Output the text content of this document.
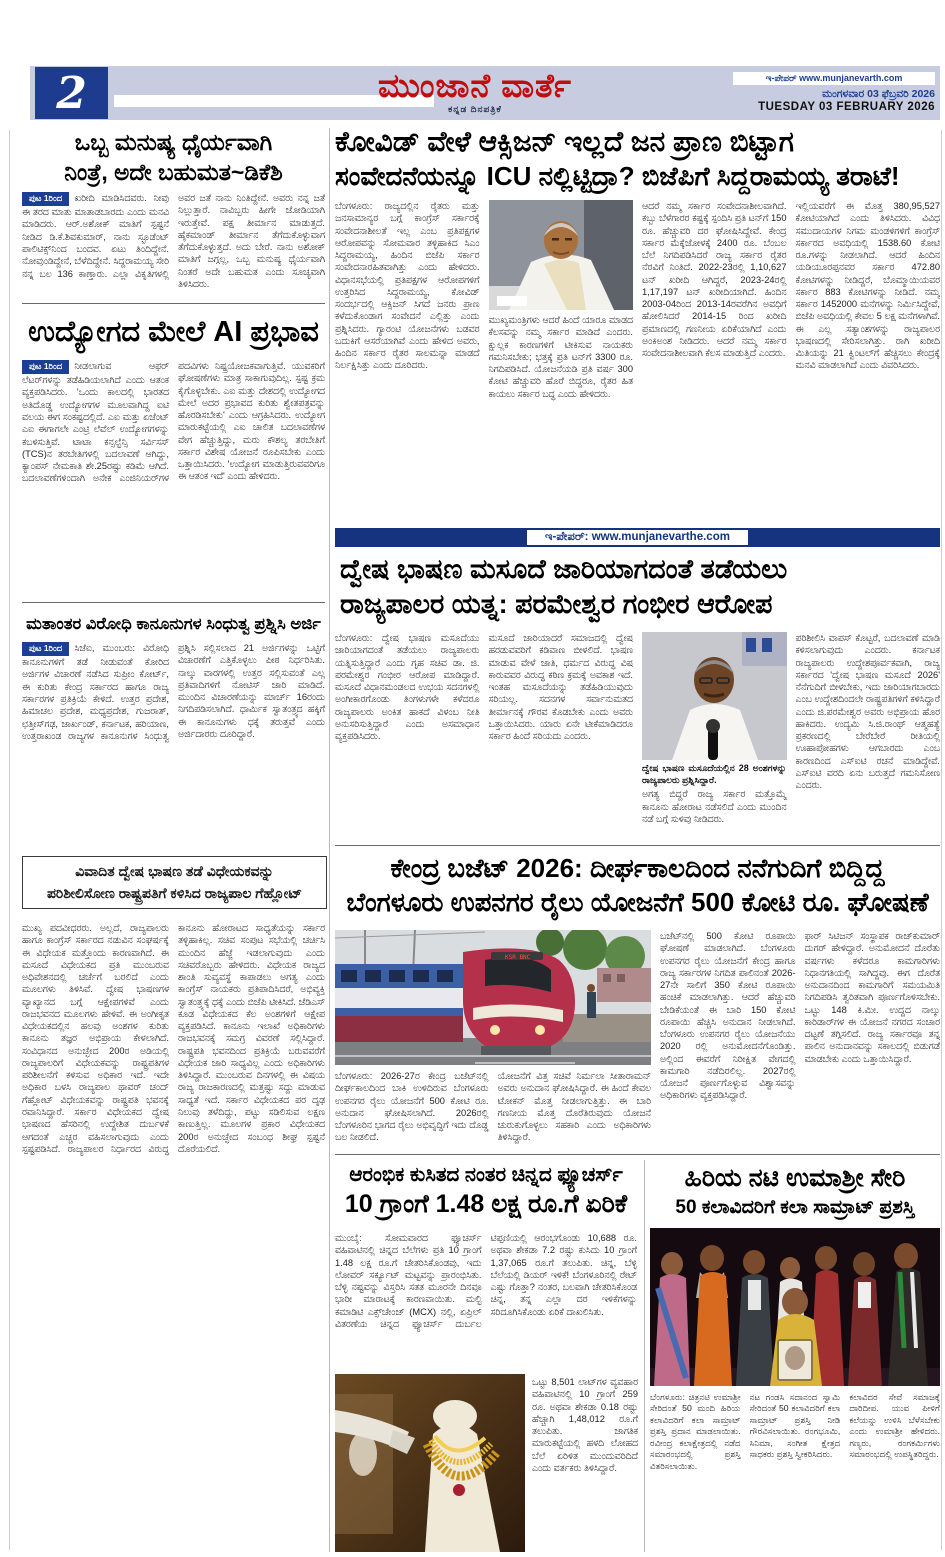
2	ಮುಂಜಾನೆ ವಾರ್ತೆ
ಕನ್ನಡ ದಿನಪತ್ರಿಕೆ
ಇ-ಪೇಪರ್ www.munjanevarth.com
ಮಂಗಳವಾರ 03 ಫೆಬ್ರವರಿ 2026
TUESDAY 03 FEBRUARY 2026
ಒಬ್ಬ ಮನುಷ್ಯ ಧೈರ್ಯವಾಗಿ
ನಿಂತ್ರೆ, ಅದೇ ಬಹುಮತ~ಡಿಕೆಶಿ
ಪುಟ 1ರಿಂದ ಖರೀದಿ ಮಾಡಿಸಿದವರು. ನೀವು ಈ ತರದ ಮಾತು ಮಾತಾಡಬಾರದು ಎಂದು ಮನವಿ ಮಾಡಿದರು. ಆರ್.ಅಶೋಕ್ ಮಾತಿಗೆ ಸ್ಪಷ್ಟನೆ ನೀಡಿದ ಡಿ.ಕೆ.ಶಿವಕುಮಾರ್, ನಾನು ಸ್ಟೂಡೆಂಟ್ ಪಾಲಿಟಿಕ್ಸ್‌ನಿಂದ ಬಂದವ. ಏಟು ತಿಂದಿದ್ದೇನೆ. ನೋವುಂಡಿದ್ದೇನೆ, ಬೆಳೆದಿದ್ದೇನೆ. ಸಿದ್ದರಾಮಯ್ಯ ಸೇರಿ ನನ್ನ ಬಲ 136 ಕಾಣ್ತಾರು. ಎಲ್ಲಾ ವಿಕೃತಿಗಳಲ್ಲಿ ಅವರ ಜತೆ ನಾನು ನಿಂತಿದ್ದೇನೆ. ಅವರು ನನ್ನ ಜತೆ ನಿಲ್ಲುತ್ತಾರೆ. ನಾವಿಬ್ಬರು ಹೀಗೇ ಜೋಡಿಯಾಗಿ ಇರುತ್ತೇವೆ. ಪಕ್ಷ ತೀರ್ಮಾನ ಮಾಡುತ್ತದೆ. ಹೈಕಮಾಂಡ್ ತೀರ್ಮಾನ ತೆಗೆದುಕೊಳ್ಳುವಾಗ ತೆಗೆದುಕೊಳ್ಳುತ್ತದೆ. ಅದು ಬೇರೆ. ನಾನು ಅಶೋಕ್ ಮಾತಿಗೆ ಜಗ್ಗಲ್ಲ, ಒಬ್ಬ ಮನುಷ್ಯ ಧೈರ್ಯವಾಗಿ ನಿಂತರೆ ಅದೇ ಬಹುಮತ ಎಂದು ಸೂಚ್ಯವಾಗಿ ತಿಳಿಸಿದರು.
ಉದ್ಯೋಗದ ಮೇಲೆ AI ಪ್ರಭಾವ
ಪುಟ 1ರಿಂದ ನೀಡಲಾಗುವ ಆಫರ್ ಲೆಟರ್‌ಗಳನ್ನು ತಡೆಹಿಡಿಯಲಾಗಿದೆ ಎಂದು ಆತಂಕ ವ್ಯಕ್ತಪಡಿಸಿದರು. 'ಒಂದು ಕಾಲದಲ್ಲಿ ಭಾರತದ ಅತಿದೊಡ್ಡ ಉದ್ಯೋಗಗಳ ಮೂಲವಾಗಿದ್ದ ಐಟಿ ವಲಯ ಈಗ ಸಂಕಷ್ಟದಲ್ಲಿದೆ. ಎಐ ಮತ್ತು ಏಜೆಂಟ್ ಎಐ ಈಗಾಗಲೇ ಎಂಟ್ರಿ ಲೆವೆಲ್ ಉದ್ಯೋಗಗಳನ್ನು ಕಬಳಿಸುತ್ತಿವೆ. ಟಾಟಾ ಕನ್ಸಲ್ಟೆನ್ಸಿ ಸರ್ವಿಸಸ್ (TCS)ನ ತರಬೇತಿಗಳಲ್ಲಿ ಬದಲಾವಣೆ ಆಗಿದ್ದು, ಕ್ಯಾಂಪಸ್ ನೇಮಕಾತಿ ಶೇ.25ರಷ್ಟು ಕಡಿಮೆ ಆಗಿದೆ. ಬದಲಾವಣೆಗಳಿಂದಾಗಿ ಅನೇಕ ಎಂಜಿನಿಯರ್‌ಗಳ ಪದವಿಗಳು ನಿಷ್ಪ್ರಯೋಜಕವಾಗುತ್ತಿವೆ. ಯುವಕರಿಗೆ ಘೋಷಣೆಗಳು ಮಾತ್ರ ಸಾಕಾಗುವುದಿಲ್ಲ. ಸ್ಪಷ್ಟ ಕ್ರಮ ಕೈಗೊಳ್ಳಬೇಕು. ಎಐ ಮತ್ತು ದೇಶದಲ್ಲಿ ಉದ್ಯೋಗದ ಮೇಲೆ ಅದರ ಪ್ರಭಾವದ ಕುರಿತು ಶ್ವೇತಪತ್ರವನ್ನು ಹೊರಡಿಸಬೇಕು' ಎಂದು ಆಗ್ರಹಿಸಿದರು. ಉದ್ಯೋಗ ಮಾರುಕಟ್ಟೆಯಲ್ಲಿ ಎಐ ಚಾಲಿತ ಬದಲಾವಣೆಗಳ ವೇಗ ಹೆಚ್ಚುತ್ತಿದ್ದು, ಮರು ಕೌಶಲ್ಯ ತರಬೇತಿಗೆ ಸರ್ಕಾರ ವಿಶೇಷ ಯೋಜನೆ ರೂಪಿಸಬೇಕು ಎಂದು ಒತ್ತಾಯಿಸಿದರು. 'ಉದ್ಯೋಗ ಮಾಡುತ್ತಿರುವವರಿಗೂ ಈ ಆತಂಕ ಇದೆ' ಎಂದು ಹೇಳಿದರು.
ಮತಾಂತರ ವಿರೋಧಿ ಕಾನೂನುಗಳ ಸಿಂಧುತ್ವ ಪ್ರಶ್ನಿಸಿ ಅರ್ಜಿ
ಪುಟ 1ರಿಂದ ಸಿಜೆಐ, ಮುಂಬರು: ವಿರೋಧಿ ಕಾನೂನುಗಳಿಗೆ ತಡೆ ನೀಡುವಂತೆ ಕೋರಿದ ಅರ್ಜಿಗಳ ವಿಚಾರಣೆ ನಡೆಸಿದ ಸುಪ್ರೀಂ ಕೋರ್ಟ್, ಈ ಕುರಿತು ಕೇಂದ್ರ ಸರ್ಕಾರದ ಹಾಗೂ ರಾಜ್ಯ ಸರ್ಕಾರಗಳ ಪ್ರತಿಕ್ರಿಯೆ ಕೇಳಿದೆ. ಉತ್ತರ ಪ್ರದೇಶ, ಹಿಮಾಚಲ ಪ್ರದೇಶ, ಮಧ್ಯಪ್ರದೇಶ, ಗುಜರಾತ್, ಛತ್ತೀಸ್‌ಗಢ, ಜಾರ್ಖಂಡ್, ಕರ್ನಾಟಕ, ಹರಿಯಾಣ, ಉತ್ತರಾಖಂಡ ರಾಜ್ಯಗಳ ಕಾನೂನುಗಳ ಸಿಂಧುತ್ವ ಪ್ರಶ್ನಿಸಿ ಸಲ್ಲಿಸಲಾದ 21 ಅರ್ಜಿಗಳನ್ನು ಒಟ್ಟಿಗೆ ವಿಚಾರಣೆಗೆ ಎತ್ತಿಕೊಳ್ಳಲು ಪೀಠ ನಿರ್ಧರಿಸಿತು. ನಾಲ್ಕು ವಾರಗಳಲ್ಲಿ ಉತ್ತರ ಸಲ್ಲಿಸುವಂತೆ ಎಲ್ಲ ಪ್ರತಿವಾದಿಗಳಿಗೆ ನೋಟಿಸ್ ಜಾರಿ ಮಾಡಿದೆ. ಮುಂದಿನ ವಿಚಾರಣೆಯನ್ನು ಮಾರ್ಚ್ 16ರಂದು ನಿಗದಿಪಡಿಸಲಾಗಿದೆ. ಧಾರ್ಮಿಕ ಸ್ವಾತಂತ್ರ್ಯದ ಹಕ್ಕಿಗೆ ಈ ಕಾನೂನುಗಳು ಧಕ್ಕೆ ತರುತ್ತವೆ ಎಂದು ಅರ್ಜಿದಾರರು ದೂರಿದ್ದಾರೆ.
ವಿವಾದಿತ ದ್ವೇಷ ಭಾಷಣ ತಡೆ ವಿಧೇಯಕವನ್ನು
ಪರಿಶೀಲಿಸೋಣ ರಾಷ್ಟ್ರಪತಿಗೆ ಕಳಿಸಿದ ರಾಜ್ಯಪಾಲ ಗೆಹ್ಲೋಟ್
ಮುಖ್ಯ ಪದವೀಧರರು. ಅಲ್ಲದೆ, ರಾಜ್ಯಪಾಲರು ಹಾಗೂ ಕಾಂಗ್ರೆಸ್ ಸರ್ಕಾರದ ನಡುವಿನ ಸಂಘರ್ಷಕ್ಕೆ ಈ ವಿಧೇಯಕ ಮತ್ತೊಂದು ಕಾರಣವಾಗಿದೆ. ಈ ಮಸೂದೆ ವಿಧೇಯಕದ ಪ್ರತಿ ಮುಂಬರುವ ಅಧಿವೇಶನದಲ್ಲಿ ಚರ್ಚೆಗೆ ಬರಲಿದೆ ಎಂದು ಮೂಲಗಳು ತಿಳಿಸಿವೆ. ದ್ವೇಷ ಭಾಷಣಗಳ ವ್ಯಾಖ್ಯಾನದ ಬಗ್ಗೆ ಆಕ್ಷೇಪಗಳಿವೆ ಎಂದು ರಾಜಭವನದ ಮೂಲಗಳು ಹೇಳಿವೆ. ಈ ಅಂಗೀಕೃತ ವಿಧೇಯಕದಲ್ಲಿನ ಹಲವು ಅಂಶಗಳ ಕುರಿತು ಕಾನೂನು ತಜ್ಞರ ಅಭಿಪ್ರಾಯ ಕೇಳಲಾಗಿದೆ. ಸಂವಿಧಾನದ ಅನುಚ್ಛೇದ 200ರ ಅಡಿಯಲ್ಲಿ ರಾಜ್ಯಪಾಲರಿಗೆ ವಿಧೇಯಕವನ್ನು ರಾಷ್ಟ್ರಪತಿಗಳ ಪರಿಶೀಲನೆಗೆ ಕಳಿಸುವ ಅಧಿಕಾರ ಇದೆ. ಇದೇ ಅಧಿಕಾರ ಬಳಸಿ ರಾಜ್ಯಪಾಲ ಥಾವರ್ ಚಂದ್ ಗೆಹ್ಲೋಟ್ ವಿಧೇಯಕವನ್ನು ರಾಷ್ಟ್ರಪತಿ ಭವನಕ್ಕೆ ರವಾನಿಸಿದ್ದಾರೆ. ಸರ್ಕಾರ ವಿಧೇಯಕದ ದ್ವೇಷ ಭಾಷಣದ ಹೆಸರಿನಲ್ಲಿ ಉದ್ದೇಶಿತ ದುರ್ಬಳಕೆ ಆಗದಂತೆ ಎಚ್ಚರ ವಹಿಸಲಾಗುವುದು ಎಂದು ಸ್ಪಷ್ಟಪಡಿಸಿದೆ. ರಾಜ್ಯಪಾಲರ ನಿರ್ಧಾರದ ವಿರುದ್ಧ ಕಾನೂನು ಹೋರಾಟದ ಸಾಧ್ಯತೆಯನ್ನು ಸರ್ಕಾರ ತಳ್ಳಿಹಾಕಿಲ್ಲ. ಸಚಿವ ಸಂಪುಟ ಸಭೆಯಲ್ಲಿ ಚರ್ಚಿಸಿ ಮುಂದಿನ ಹೆಜ್ಜೆ ಇಡಲಾಗುವುದು ಎಂದು ಸಚಿವರೊಬ್ಬರು ಹೇಳಿದರು. ವಿಧೇಯಕ ರಾಜ್ಯದ ಶಾಂತಿ ಸುವ್ಯವಸ್ಥೆ ಕಾಪಾಡಲು ಅಗತ್ಯ ಎಂದು ಕಾಂಗ್ರೆಸ್ ನಾಯಕರು ಪ್ರತಿಪಾದಿಸಿದರೆ, ಅಭಿವ್ಯಕ್ತಿ ಸ್ವಾತಂತ್ರ್ಯಕ್ಕೆ ಧಕ್ಕೆ ಎಂದು ಬಿಜೆಪಿ ಟೀಕಿಸಿದೆ. ಜೆಡಿಎಸ್ ಕೂಡ ವಿಧೇಯಕದ ಕೆಲ ಅಂಶಗಳಿಗೆ ಆಕ್ಷೇಪ ವ್ಯಕ್ತಪಡಿಸಿದೆ. ಕಾನೂನು ಇಲಾಖೆ ಅಧಿಕಾರಿಗಳು ರಾಜಭವನಕ್ಕೆ ಸಮಗ್ರ ವಿವರಣೆ ಸಲ್ಲಿಸಿದ್ದಾರೆ. ರಾಷ್ಟ್ರಪತಿ ಭವನದಿಂದ ಪ್ರತಿಕ್ರಿಯೆ ಬರುವವರೆಗೆ ವಿಧೇಯಕ ಜಾರಿ ಸಾಧ್ಯವಿಲ್ಲ ಎಂದು ಅಧಿಕಾರಿಗಳು ತಿಳಿಸಿದ್ದಾರೆ. ಮುಂಬರುವ ದಿನಗಳಲ್ಲಿ ಈ ವಿಷಯ ರಾಜ್ಯ ರಾಜಕಾರಣದಲ್ಲಿ ಮತ್ತಷ್ಟು ಸದ್ದು ಮಾಡುವ ಸಾಧ್ಯತೆ ಇದೆ. ಸರ್ಕಾರ ವಿಧೇಯಕದ ಪರ ದೃಢ ನಿಲುವು ತಳೆದಿದ್ದು, ಪಟ್ಟು ಸಡಿಲಿಸುವ ಲಕ್ಷಣ ಕಾಣುತ್ತಿಲ್ಲ. ಮೂಲಗಳ ಪ್ರಕಾರ ವಿಧೇಯಕದ 200ರ ಅನುಚ್ಛೇದ ಸಂಬಂಧ ಶೀಘ್ರ ಸ್ಪಷ್ಟನೆ ದೊರೆಯಲಿದೆ.
ಕೋವಿಡ್ ವೇಳೆ ಆಕ್ಸಿಜನ್ ಇಲ್ಲದೆ ಜನ ಪ್ರಾಣ ಬಿಟ್ಟಾಗ
ಸಂವೇದನೆಯನ್ನೂ ICU ನಲ್ಲಿಟ್ಟಿದ್ರಾ? ಬಿಜೆಪಿಗೆ ಸಿದ್ದರಾಮಯ್ಯ ತರಾಟೆ!
ಬೆಂಗಳೂರು: ರಾಜ್ಯದಲ್ಲಿನ ರೈತರು ಮತ್ತು ಜನಸಾಮಾನ್ಯರ ಬಗ್ಗೆ ಕಾಂಗ್ರೆಸ್ ಸರ್ಕಾರಕ್ಕೆ ಸಂವೇದನಾಶೀಲತೆ ಇಲ್ಲ ಎಂಬ ಪ್ರತಿಪಕ್ಷಗಳ ಆರೋಪವನ್ನು ಸೋಮವಾರ ತಳ್ಳಿಹಾಕಿದ ಸಿಎಂ ಸಿದ್ದರಾಮಯ್ಯ, ಹಿಂದಿನ ಬಿಜೆಪಿ ಸರ್ಕಾರ ಸಂವೇದನಾರಹಿತವಾಗಿತ್ತು ಎಂದು ಹೇಳಿದರು. ವಿಧಾನಸಭೆಯಲ್ಲಿ ಪ್ರತಿಪಕ್ಷಗಳ ಆರೋಪಗಳಿಗೆ ಉತ್ತರಿಸಿದ ಸಿದ್ದರಾಮಯ್ಯ, ಕೋವಿಡ್ ಸಂದರ್ಭದಲ್ಲಿ ಆಕ್ಸಿಜನ್ ಸಿಗದೆ ಜನರು ಪ್ರಾಣ ಕಳೆದುಕೊಂಡಾಗ ಸಂವೇದನೆ ಎಲ್ಲಿತ್ತು ಎಂದು ಪ್ರಶ್ನಿಸಿದರು. ಗ್ಯಾರಂಟಿ ಯೋಜನೆಗಳು ಬಡವರ ಬದುಕಿಗೆ ಆಸರೆಯಾಗಿವೆ ಎಂದು ಹೇಳಿದ ಅವರು, ಹಿಂದಿನ ಸರ್ಕಾರ ರೈತರ ಸಾಲಮನ್ನಾ ಮಾಡದೆ ನಿರ್ಲಕ್ಷಿಸಿತ್ತು ಎಂದು ದೂರಿದರು.
ಮುಖ್ಯಮಂತ್ರಿಗಳು ಆದರೆ ಹಿಂದೆ ಯಾರೂ ಮಾಡದ ಕೆಲಸವನ್ನು ನಮ್ಮ ಸರ್ಕಾರ ಮಾಡಿದೆ ಎಂದರು. ಕ್ಷುಲ್ಲಕ ಕಾರಣಗಳಿಗೆ ಟೀಕಿಸುವ ನಾಯಕರು ಗಮನಿಸಬೇಕು; ಭತ್ತಕ್ಕೆ ಪ್ರತಿ ಟನ್‌ಗೆ 3300 ರೂ. ನಿಗದಿಪಡಿಸಿದೆ. ಯೋಜನೆಯಡಿ ಪ್ರತಿ ವರ್ಷ 300 ಕೋಟಿ ಹೆಚ್ಚುವರಿ ಹೊರೆ ಬಿದ್ದರೂ, ರೈತರ ಹಿತ ಕಾಯಲು ಸರ್ಕಾರ ಬದ್ಧ ಎಂದು ಹೇಳಿದರು.
ಆದರೆ ನಮ್ಮ ಸರ್ಕಾರ ಸಂವೇದನಾಶೀಲವಾಗಿದೆ. ಕಬ್ಬು ಬೆಳೆಗಾರರ ಕಷ್ಟಕ್ಕೆ ಸ್ಪಂದಿಸಿ ಪ್ರತಿ ಟನ್‌ಗೆ 150 ರೂ. ಹೆಚ್ಚುವರಿ ದರ ಘೋಷಿಸಿದ್ದೇವೆ. ಕೇಂದ್ರ ಸರ್ಕಾರ ಮೆಕ್ಕೆಜೋಳಕ್ಕೆ 2400 ರೂ. ಬೆಂಬಲ ಬೆಲೆ ನಿಗದಿಪಡಿಸಿದರೆ ರಾಜ್ಯ ಸರ್ಕಾರ ರೈತರ ನೆರವಿಗೆ ನಿಂತಿದೆ. 2022-23ರಲ್ಲಿ 1,10,627 ಟನ್ ಖರೀದಿ ಆಗಿದ್ದರೆ, 2023-24ರಲ್ಲಿ 1,17,197 ಟನ್ ಖರೀದಿಯಾಗಿದೆ. ಹಿಂದಿನ 2003-04ರಿಂದ 2013-14ರವರೆಗಿನ ಅವಧಿಗೆ ಹೋಲಿಸಿದರೆ 2014-15 ರಿಂದ ಖರೀದಿ ಪ್ರಮಾಣದಲ್ಲಿ ಗಣನೀಯ ಏರಿಕೆಯಾಗಿದೆ ಎಂದು ಅಂಕಿಅಂಶ ನೀಡಿದರು. ಆದರೆ ನಮ್ಮ ಸರ್ಕಾರ ಸಂವೇದನಾಶೀಲವಾಗಿ ಕೆಲಸ ಮಾಡುತ್ತಿದೆ ಎಂದರು.
ಇಲ್ಲಿಯವರೆಗೆ ಈ ಮೊತ್ತ 380,95,527 ಕೋಟಿಯಾಗಿದೆ ಎಂದು ತಿಳಿಸಿದರು. ವಿವಿಧ ಸಮುದಾಯಗಳ ನಿಗಮ ಮಂಡಳಿಗಳಿಗೆ ಕಾಂಗ್ರೆಸ್ ಸರ್ಕಾರದ ಅವಧಿಯಲ್ಲಿ 1538.60 ಕೋಟಿ ರೂ.ಗಳನ್ನು ನೀಡಲಾಗಿದೆ. ಆದರೆ ಹಿಂದಿನ ಯಡಿಯೂರಪ್ಪನವರ ಸರ್ಕಾರ 472.80 ಕೋಟಿಗಳನ್ನು ನೀಡಿದ್ದರೆ, ಬೊಮ್ಮಾಯಿಯವರ ಸರ್ಕಾರ 883 ಕೋಟಿಗಳನ್ನು ನೀಡಿದೆ. ನಮ್ಮ ಸರ್ಕಾರ 1452000 ಮನೆಗಳನ್ನು ನಿರ್ಮಿಸಿದ್ದೇವೆ, ಬಿಜೆಪಿ ಅವಧಿಯಲ್ಲಿ ಕೇವಲ 5 ಲಕ್ಷ ಮನೆಗಳಾಗಿವೆ. ಈ ಎಲ್ಲ ಸತ್ಯಾಂಶಗಳನ್ನು ರಾಜ್ಯಪಾಲರ ಭಾಷಣದಲ್ಲಿ ಸೇರಿಸಲಾಗಿತ್ತು. ರಾಗಿ ಖರೀದಿ ಮಿತಿಯನ್ನು 21 ಕ್ವಿಂಟಲ್‌ಗೆ ಹೆಚ್ಚಿಸಲು ಕೇಂದ್ರಕ್ಕೆ ಮನವಿ ಮಾಡಲಾಗಿದೆ ಎಂದು ವಿವರಿಸಿದರು.
ಇ-ಪೇಪರ್: www.munjanevarthe.com
ದ್ವೇಷ ಭಾಷಣ ಮಸೂದೆ ಜಾರಿಯಾಗದಂತೆ ತಡೆಯಲು
ರಾಜ್ಯಪಾಲರ ಯತ್ನ: ಪರಮೇಶ್ವರ ಗಂಭೀರ ಆರೋಪ
ಬೆಂಗಳೂರು: ದ್ವೇಷ ಭಾಷಣ ಮಸೂದೆಯು ಜಾರಿಯಾಗದಂತೆ ತಡೆಯಲು ರಾಜ್ಯಪಾಲರು ಯತ್ನಿಸುತ್ತಿದ್ದಾರೆ ಎಂದು ಗೃಹ ಸಚಿವ ಡಾ. ಜಿ. ಪರಮೇಶ್ವರ ಗಂಭೀರ ಆರೋಪ ಮಾಡಿದ್ದಾರೆ. ಮಸೂದೆ ವಿಧಾನಮಂಡಲದ ಉಭಯ ಸದನಗಳಲ್ಲಿ ಅಂಗೀಕಾರಗೊಂಡು ತಿಂಗಳುಗಳೇ ಕಳೆದರೂ ರಾಜ್ಯಪಾಲರು ಅಂಕಿತ ಹಾಕದೆ ವಿಳಂಬ ನೀತಿ ಅನುಸರಿಸುತ್ತಿದ್ದಾರೆ ಎಂದು ಅಸಮಾಧಾನ ವ್ಯಕ್ತಪಡಿಸಿದರು.
ಮಸೂದೆ ಜಾರಿಯಾದರೆ ಸಮಾಜದಲ್ಲಿ ದ್ವೇಷ ಹರಡುವವರಿಗೆ ಕಡಿವಾಣ ಬೀಳಲಿದೆ. ಭಾಷಣ ಮಾಡುವ ವೇಳೆ ಜಾತಿ, ಧರ್ಮದ ವಿರುದ್ಧ ವಿಷ ಕಾರುವವರ ವಿರುದ್ಧ ಕಠಿಣ ಕ್ರಮಕ್ಕೆ ಅವಕಾಶ ಇದೆ. ಇಂತಹ ಮಸೂದೆಯನ್ನು ತಡೆಹಿಡಿಯುವುದು ಸರಿಯಲ್ಲ. ಸದನಗಳ ಸರ್ವಾನುಮತದ ತೀರ್ಮಾನಕ್ಕೆ ಗೌರವ ಕೊಡಬೇಕು ಎಂದು ಅವರು ಒತ್ತಾಯಿಸಿದರು. ಯಾರು ಏನೇ ಟೀಕೆಮಾಡಿದರೂ ಸರ್ಕಾರ ಹಿಂದೆ ಸರಿಯದು ಎಂದರು.
ದ್ವೇಷ ಭಾಷಣ ಮಸೂದೆಯಲ್ಲಿನ 28 ಅಂಶಗಳನ್ನು ರಾಜ್ಯಪಾಲರು ಪ್ರಶ್ನಿಸಿದ್ದಾರೆ.
ಅಗತ್ಯ ಬಿದ್ದರೆ ರಾಜ್ಯ ಸರ್ಕಾರ ಮತ್ತೊಮ್ಮೆ ಕಾನೂನು ಹೋರಾಟ ನಡೆಸಲಿದೆ ಎಂದು ಮುಂದಿನ ನಡೆ ಬಗ್ಗೆ ಸುಳಿವು ನೀಡಿದರು.
ಪರಿಶೀಲಿಸಿ ವಾಪಸ್ ಕೊಟ್ಟರೆ, ಬದಲಾವಣೆ ಮಾಡಿ ಕಳಿಸಲಾಗುವುದು ಎಂದರು. ಕರ್ನಾಟಕ ರಾಜ್ಯಪಾಲರು ಉದ್ದೇಶಪೂರ್ವಕವಾಗಿ, ರಾಜ್ಯ ಸರ್ಕಾರದ 'ದ್ವೇಷ ಭಾಷಣ ಮಸೂದೆ 2026' ನೆನೆಗುದಿಗೆ ಬೀಳಬೇಕು, ಇದು ಜಾರಿಯಾಗಬಾರದು ಎಂಬ ಉದ್ದೇಶದಿಂದಲೇ ರಾಷ್ಟ್ರಪತಿಗಳಿಗೆ ಕಳಿಸಿದ್ದಾರೆ ಎಂದು ಜಿ.ಪರಮೇಶ್ವರ ಅವರು ಅಭಿಪ್ರಾಯ ಹೊರ ಹಾಕಿದರು. ಉದ್ಯಮಿ ಸಿ.ಜಿ.ರಾಂಥ್ ಆತ್ಮಹತ್ಯೆ ಪ್ರಕರಣದಲ್ಲಿ ಬೇರೆಬೇರೆ ರೀತಿಯಲ್ಲಿ ಊಹಾಪೋಹಗಳು ಆಗಬಾರದು ಎಂಬ ಕಾರಣದಿಂದ ಎಸ್‌ಐಟಿ ರಚನೆ ಮಾಡಿದ್ದೇವೆ. ಎಸ್‌ಐಟಿ ವರದಿ ಏನು ಬರುತ್ತದೆ ಗಮನಿಸೋಣ ಎಂದರು.
ಕೇಂದ್ರ ಬಜೆಟ್ 2026: ದೀರ್ಘಕಾಲದಿಂದ ನನೆಗುದಿಗೆ ಬಿದ್ದಿದ್ದ
ಬೆಂಗಳೂರು ಉಪನಗರ ರೈಲು ಯೋಜನೆಗೆ 500 ಕೋಟಿ ರೂ. ಘೋಷಣೆ
KSR BNC
ಬೆಂಗಳೂರು: 2026-27ರ ಕೇಂದ್ರ ಬಜೆಟ್‌ನಲ್ಲಿ ದೀರ್ಘಕಾಲದಿಂದ ಬಾಕಿ ಉಳಿದಿರುವ ಬೆಂಗಳೂರು ಉಪನಗರ ರೈಲು ಯೋಜನೆಗೆ 500 ಕೋಟಿ ರೂ. ಅನುದಾನ ಘೋಷಿಸಲಾಗಿದೆ. 2026ರಲ್ಲಿ ಬೆಂಗಳೂರಿನ ಭಾಗದ ರೈಲು ಅಭಿವೃದ್ಧಿಗೆ ಇದು ದೊಡ್ಡ ಬಲ ನೀಡಲಿದೆ.
ಯೋಜನೆಗೆ ವಿತ್ತ ಸಚಿವೆ ನಿರ್ಮಲಾ ಸೀತಾರಾಮನ್ ಅವರು ಅನುದಾನ ಘೋಷಿಸಿದ್ದಾರೆ. ಈ ಹಿಂದೆ ಕೇವಲ ಟೋಕನ್ ಮೊತ್ತ ನೀಡಲಾಗುತ್ತಿತ್ತು. ಈ ಬಾರಿ ಗಣನೀಯ ಮೊತ್ತ ದೊರೆತಿರುವುದು ಯೋಜನೆ ಚುರುಕುಗೊಳ್ಳಲು ಸಹಕಾರಿ ಎಂದು ಅಧಿಕಾರಿಗಳು ತಿಳಿಸಿದ್ದಾರೆ.
ಬಜೆಟ್‌ನಲ್ಲಿ 500 ಕೋಟಿ ರೂಪಾಯಿ ಘೋಷಣೆ ಮಾಡಲಾಗಿದೆ. ಬೆಂಗಳೂರು ಉಪನಗರ ರೈಲು ಯೋಜನೆಗೆ ಕೇಂದ್ರ ಹಾಗೂ ರಾಜ್ಯ ಸರ್ಕಾರಗಳ ನಿಗದಿತ ಪಾಲಿನಂತೆ 2026-27ನೇ ಸಾಲಿಗೆ 350 ಕೋಟಿ ರೂಪಾಯಿ ಹಂಚಿಕೆ ಮಾಡಲಾಗಿತ್ತು. ಆದರೆ ಹೆಚ್ಚುವರಿ ಬೇಡಿಕೆಯಂತೆ ಈ ಬಾರಿ 150 ಕೋಟಿ ರೂಪಾಯಿ ಹೆಚ್ಚಿಸಿ ಅನುದಾನ ನೀಡಲಾಗಿದೆ. ಬೆಂಗಳೂರು ಉಪನಗರ ರೈಲು ಯೋಜನೆಯು 2020 ರಲ್ಲಿ ಅನುಮೋದನೆಗೊಂಡಿತ್ತು. ಅಲ್ಲಿಂದ ಈವರೆಗೆ ನಿರೀಕ್ಷಿತ ವೇಗದಲ್ಲಿ ಕಾಮಗಾರಿ ನಡೆದಿರಲಿಲ್ಲ. 2027ರಲ್ಲಿ ಯೋಜನೆ ಪೂರ್ಣಗೊಳ್ಳುವ ವಿಶ್ವಾಸವನ್ನು ಅಧಿಕಾರಿಗಳು ವ್ಯಕ್ತಪಡಿಸಿದ್ದಾರೆ.
ಫಾರ್ ಸಿಟಿಜನ್ ಸಂಸ್ಥಾಪಕ ರಾಜ್‌ಕುಮಾರ್ ದುಗರ್ ಹೇಳಿದ್ದಾರೆ. ಅನುಮೋದನೆ ದೊರೆತು ವರ್ಷಗಳು ಕಳೆದರೂ ಕಾಮಗಾರಿಗಳು ನಿಧಾನಗತಿಯಲ್ಲಿ ಸಾಗಿದ್ದವು. ಈಗ ದೊರೆತ ಅನುದಾನದಿಂದ ಕಾಮಗಾರಿಗೆ ಸಮಯಮಿತಿ ನಿಗದಿಪಡಿಸಿ ತ್ವರಿತವಾಗಿ ಪೂರ್ಣಗೊಳಿಸಬೇಕು. ಒಟ್ಟು 148 ಕಿ.ಮೀ. ಉದ್ದದ ನಾಲ್ಕು ಕಾರಿಡಾರ್‌ಗಳ ಈ ಯೋಜನೆ ನಗರದ ಸಂಚಾರ ದಟ್ಟಣೆ ತಗ್ಗಿಸಲಿದೆ. ರಾಜ್ಯ ಸರ್ಕಾರವೂ ತನ್ನ ಪಾಲಿನ ಅನುದಾನವನ್ನು ಸಕಾಲದಲ್ಲಿ ಬಿಡುಗಡೆ ಮಾಡಬೇಕು ಎಂದು ಒತ್ತಾಯಿಸಿದ್ದಾರೆ.
ಆರಂಭಿಕ ಕುಸಿತದ ನಂತರ ಚಿನ್ನದ ಫ್ಯೂಚರ್ಸ್
10 ಗ್ರಾಂಗೆ 1.48 ಲಕ್ಷ ರೂ.ಗೆ ಏರಿಕೆ
ಮುಂಬೈ: ಸೋಮವಾರದ ಫ್ಯೂಚರ್ಸ್ ವಹಿವಾಟಿನಲ್ಲಿ ಚಿನ್ನದ ಬೆಲೆಗಳು ಪ್ರತಿ 10 ಗ್ರಾಂಗೆ 1.48 ಲಕ್ಷ ರೂ.ಗೆ ಚೇತರಿಸಿಕೊಂಡವು, ಇದು ಲೋವರ್ ಸರ್ಕ್ಯೂಟ್ ಮಟ್ಟವನ್ನು ಪ್ರಾರಂಭಿಸಿತು. ಬೆಳ್ಳಿ ನಷ್ಟವನ್ನು ವಿಸ್ತರಿಸಿ ಸತತ ಮೂರನೇ ದಿನವೂ ಭಾರೀ ಮಾರಾಟಕ್ಕೆ ಕಾರಣವಾಯಿತು. ಮಲ್ಟಿ ಕಮಾಡಿಟಿ ಎಕ್ಸ್‌ಚೇಂಜ್ (MCX) ನಲ್ಲಿ, ಏಪ್ರಿಲ್ ವಿತರಣೆಯ ಚಿನ್ನದ ಫ್ಯೂಚರ್ಸ್ ದುರ್ಬಲ ಟಿಪ್ಪಣಿಯಲ್ಲಿ ಆರಂಭಗೊಂಡು 10,688 ರೂ. ಅಥವಾ ಶೇಕಡಾ 7.2 ರಷ್ಟು ಕುಸಿದು 10 ಗ್ರಾಂಗೆ 1,37,065 ರೂ.ಗೆ ತಲುಪಿತು. ಚಿನ್ನ, ಬೆಳ್ಳಿ ಬೆಲೆಯಲ್ಲಿ ಡಿಯರ್ ಇಳಿಕೆ! ಬೆಂಗಳೂರಿನಲ್ಲಿ ರೇಟ್ ಎಷ್ಟು ಗೊತ್ತಾ? ನಂತರ, ಬಲವಾಗಿ ಚೇತರಿಸಿಕೊಂಡ ಚಿನ್ನ, ತನ್ನ ಎಲ್ಲಾ ದರ ಇಳಿಕೆಗಳನ್ನು ಸರಿದೂಗಿಸಿಕೊಂಡು ಏರಿಕೆ ದಾಖಲಿಸಿತು.
ಒಟ್ಟು 8,501 ಲಾಟ್‌ಗಳ ವ್ಯವಹಾರ ವಹಿವಾಟಿನಲ್ಲಿ 10 ಗ್ರಾಂಗೆ 259 ರೂ. ಅಥವಾ ಶೇಕಡಾ 0.18 ರಷ್ಟು ಹೆಚ್ಚಾಗಿ 1,48,012 ರೂ.ಗೆ ತಲುಪಿತು. ಜಾಗತಿಕ ಮಾರುಕಟ್ಟೆಯಲ್ಲಿ ಹಳದಿ ಲೋಹದ ಬೆಲೆ ಏರಿಳಿತ ಮುಂದುವರಿದಿದೆ ಎಂದು ವರ್ತಕರು ತಿಳಿಸಿದ್ದಾರೆ.
ಹಿರಿಯ ನಟಿ ಉಮಾಶ್ರೀ ಸೇರಿ
50 ಕಲಾವಿದರಿಗೆ ಕಲಾ ಸಾಮ್ರಾಟ್ ಪ್ರಶಸ್ತಿ
ಬೆಂಗಳೂರು: ಚಿತ್ರನಟಿ ಉಮಾಶ್ರೀ ಸೇರಿದಂತೆ 50 ಮಂದಿ ಹಿರಿಯ ಕಲಾವಿದರಿಗೆ ಕಲಾ ಸಾಮ್ರಾಟ್ ಪ್ರಶಸ್ತಿ ಪ್ರದಾನ ಮಾಡಲಾಯಿತು. ರವೀಂದ್ರ ಕಲಾಕ್ಷೇತ್ರದಲ್ಲಿ ನಡೆದ ಸಮಾರಂಭದಲ್ಲಿ ಪ್ರಶಸ್ತಿ ವಿತರಿಸಲಾಯಿತು.
ನಟ ಗಂಡಸಿ ಸದಾನಂದ ಸ್ವಾಮಿ ಸೇರಿದಂತೆ 50 ಕಲಾವಿದರಿಗೆ ಕಲಾ ಸಾಮ್ರಾಟ್ ಪ್ರಶಸ್ತಿ ನೀಡಿ ಗೌರವಿಸಲಾಯಿತು. ರಂಗಭೂಮಿ, ಸಿನಿಮಾ, ಸಂಗೀತ ಕ್ಷೇತ್ರದ ಸಾಧಕರು ಪ್ರಶಸ್ತಿ ಸ್ವೀಕರಿಸಿದರು.
ಕಲಾವಿದರ ಸೇವೆ ಸಮಾಜಕ್ಕೆ ದಾರಿದೀಪ. ಯುವ ಪೀಳಿಗೆ ಕಲೆಯನ್ನು ಉಳಿಸಿ ಬೆಳೆಸಬೇಕು ಎಂದು ಉಮಾಶ್ರೀ ಹೇಳಿದರು. ಗಣ್ಯರು, ರಂಗಕರ್ಮಿಗಳು ಸಮಾರಂಭದಲ್ಲಿ ಉಪಸ್ಥಿತರಿದ್ದರು.
